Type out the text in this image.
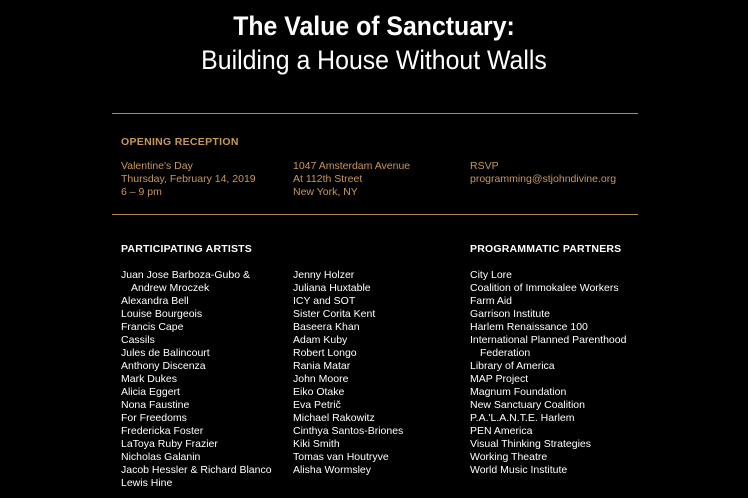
The Value of Sanctuary:
Building a House Without Walls
OPENING RECEPTION
Valentine's Day
Thursday, February 14, 2019
6 – 9 pm
1047 Amsterdam Avenue
At 112th Street
New York, NY
RSVP
programming@stjohndivine.org
PARTICIPATING ARTISTS	PROGRAMMATIC PARTNERS
Juan Jose Barboza-Gubo &
Andrew Mroczek
Alexandra Bell
Louise Bourgeois
Francis Cape
Cassils
Jules de Balincourt
Anthony Discenza
Mark Dukes
Alicia Eggert
Nona Faustine
For Freedoms
Fredericka Foster
LaToya Ruby Frazier
Nicholas Galanin
Jacob Hessler & Richard Blanco
Lewis Hine
Jenny Holzer
Juliana Huxtable
ICY and SOT
Sister Corita Kent
Baseera Khan
Adam Kuby
Robert Longo
Rania Matar
John Moore
Eiko Otake
Eva Petrič
Michael Rakowitz
Cinthya Santos-Briones
Kiki Smith
Tomas van Houtryve
Alisha Wormsley
City Lore
Coalition of Immokalee Workers
Farm Aid
Garrison Institute
Harlem Renaissance 100
International Planned Parenthood
Federation
Library of America
MAP Project
Magnum Foundation
New Sanctuary Coalition
P.A.'L.A.N.T.E. Harlem
PEN America
Visual Thinking Strategies
Working Theatre
World Music Institute
